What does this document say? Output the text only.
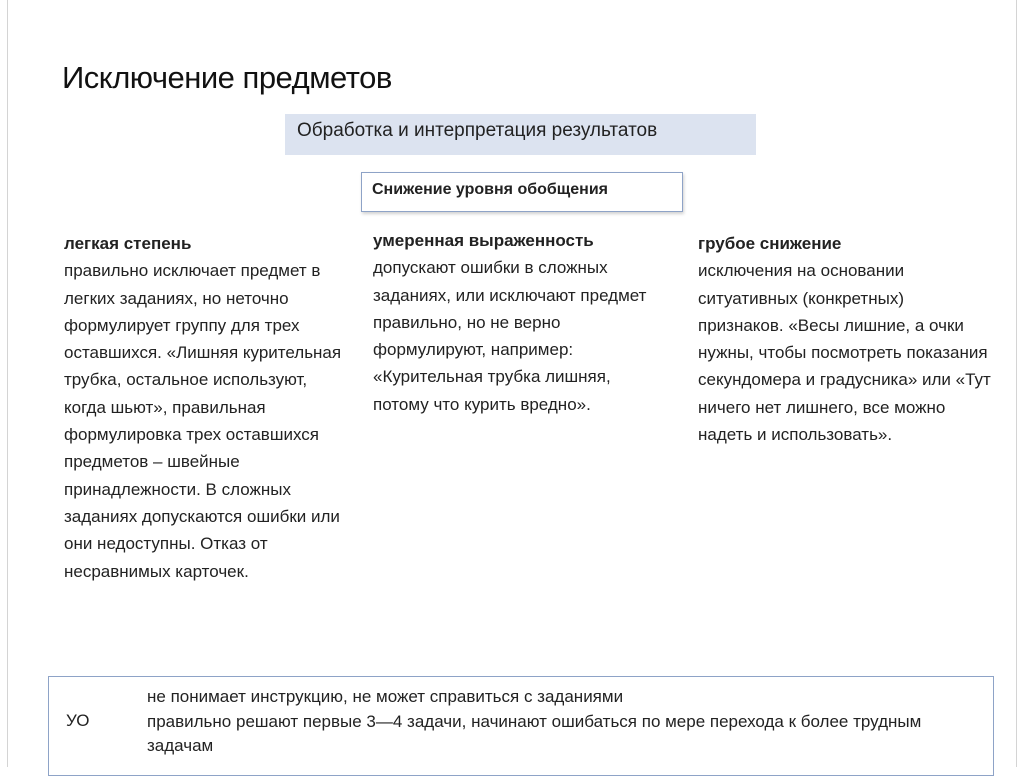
Исключение предметов
Обработка и интерпретация результатов
Снижение уровня обобщения
легкая степень
правильно исключает предмет в легких заданиях, но неточно формулирует группу для трех оставшихся. «Лишняя курительная трубка, остальное используют, когда шьют», правильная формулировка трех оставшихся предметов – швейные принадлежности. В сложных заданиях допускаются ошибки или они недоступны. Отказ от несравнимых карточек.
умеренная выраженность
допускают ошибки в сложных заданиях, или исключают предмет правильно, но не верно формулируют, например: «Курительная трубка лишняя, потому что курить вредно».
грубое снижение
исключения на основании ситуативных (конкретных) признаков. «Весы лишние, а очки нужны, чтобы посмотреть показания секундомера и градусника» или «Тут ничего нет лишнего, все можно надеть и использовать».
УО
не понимает инструкцию, не может справиться с заданиями
правильно решают первые 3—4 задачи, начинают ошибаться по мере перехода к более трудным задачам
